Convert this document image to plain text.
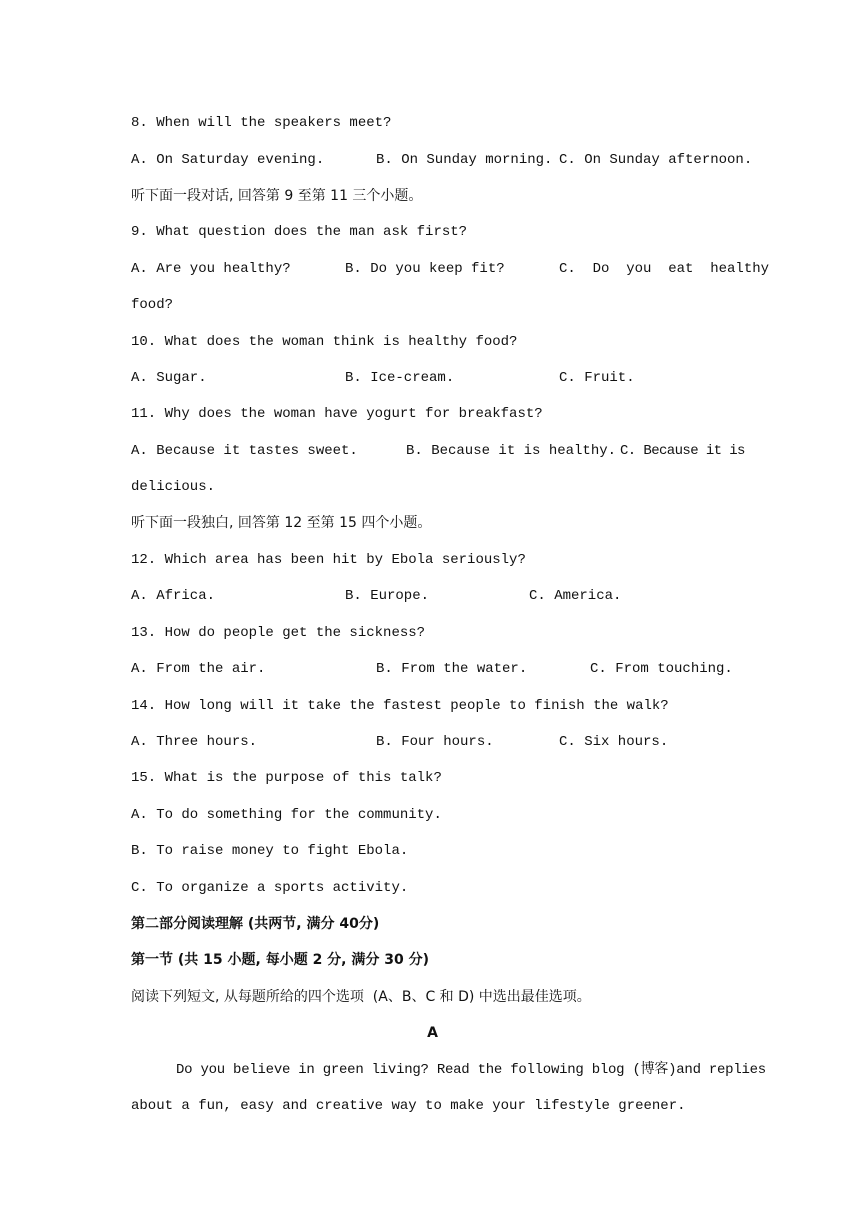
8. When will the speakers meet?
A. On Saturday evening.	B. On Sunday morning. C. On Sunday afternoon.
听下面一段对话, 回答第 9 至第 11 三个小题。
9. What question does the man ask first?
A. Are you healthy?	B. Do you keep fit?	C.  Do  you  eat  healthy
food?
10. What does the woman think is healthy food?
A. Sugar.	B. Ice-cream.	C. Fruit.
11. Why does the woman have yogurt for breakfast?
A. Because it tastes sweet.	B. Because it is healthy. C. Because it is
delicious.
听下面一段独白, 回答第 12 至第 15 四个小题。
12. Which area has been hit by Ebola seriously?
A. Africa.	B. Europe.	C. America.
13. How do people get the sickness?
A. From the air.	B. From the water.	C. From touching.
14. How long will it take the fastest people to finish the walk?
A. Three hours.	B. Four hours.	C. Six hours.
15. What is the purpose of this talk?
A. To do something for the community.
B. To raise money to fight Ebola.
C. To organize a sports activity.
第二部分阅读理解 (共两节, 满分 40分)
第一节 (共 15 小题, 每小题 2 分, 满分 30 分)
阅读下列短文, 从每题所给的四个选项  (A、B、C 和 D) 中选出最佳选项。
A
Do you believe in green living? Read the following blog (博客)and replies
about a fun, easy and creative way to make your lifestyle greener.
